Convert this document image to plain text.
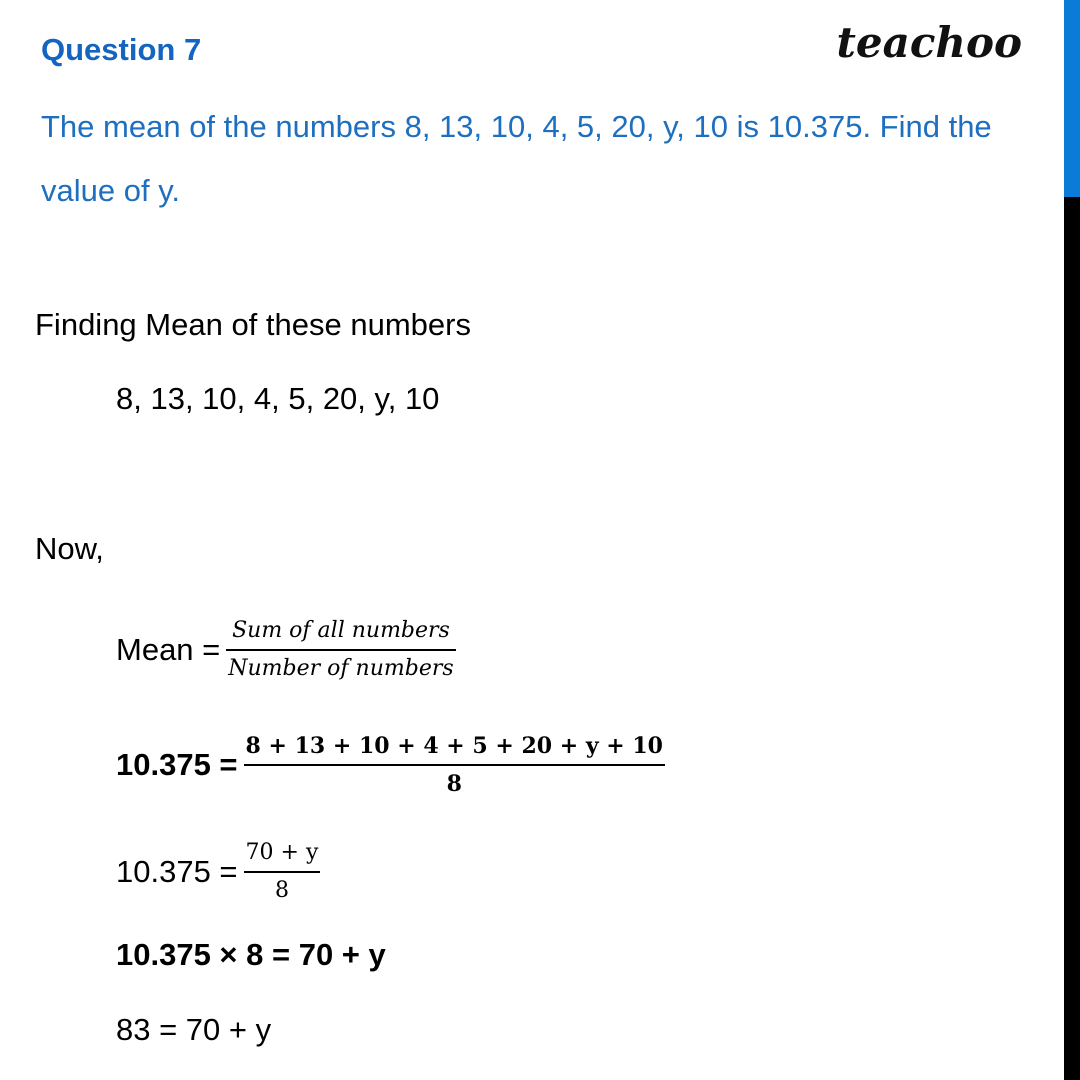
Question 7	teachoo
The mean of the numbers 8, 13, 10, 4, 5, 20, y, 10 is 10.375. Find the value of y.
Finding Mean of these numbers
8, 13, 10, 4, 5, 20, y, 10
Now,
Mean = $\frac{\text{Sum of all numbers}}{\text{Number of numbers}}$
$10.375 = \frac{8 + 13 + 10 + 4 + 5 + 20 + y + 10}{8}$
$10.375 = \frac{70 + y}{8}$
10.375 × 8 = 70 + y
83 = 70 + y
